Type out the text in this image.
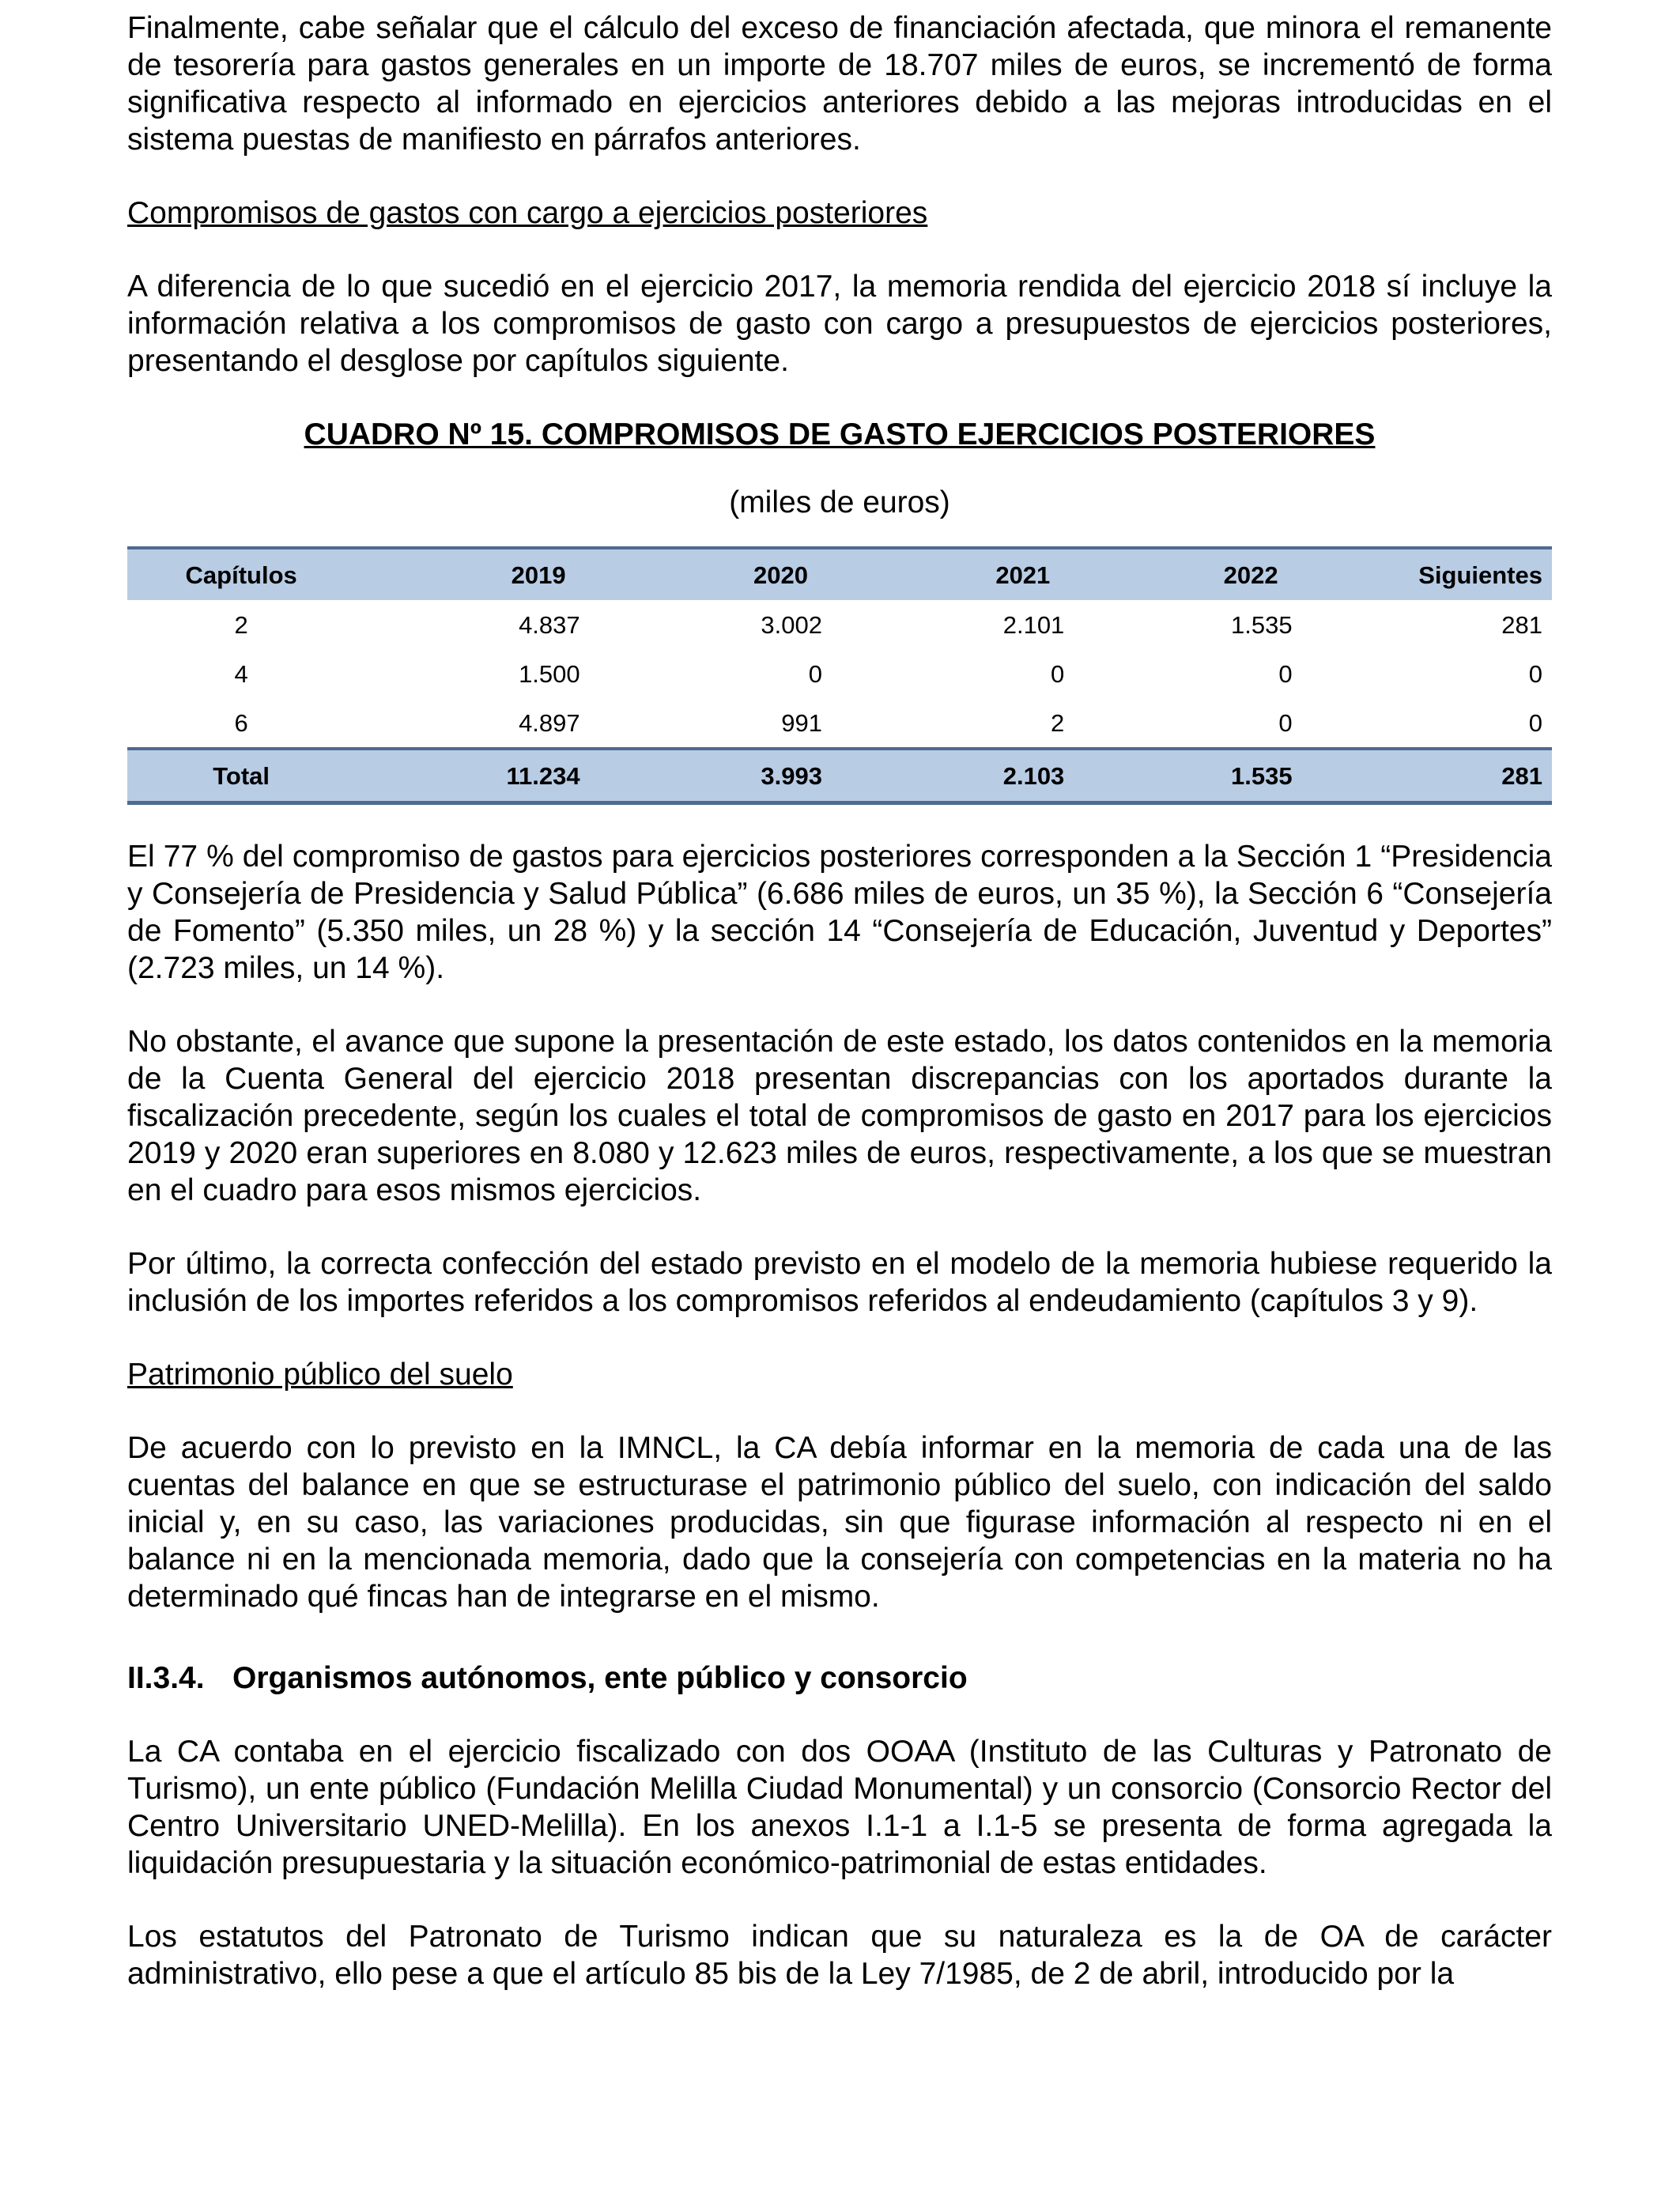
Finalmente, cabe señalar que el cálculo del exceso de financiación afectada, que minora el remanente de tesorería para gastos generales en un importe de 18.707 miles de euros, se incrementó de forma significativa respecto al informado en ejercicios anteriores debido a las mejoras introducidas en el sistema puestas de manifiesto en párrafos anteriores.

Compromisos de gastos con cargo a ejercicios posteriores

A diferencia de lo que sucedió en el ejercicio 2017, la memoria rendida del ejercicio 2018 sí incluye la información relativa a los compromisos de gasto con cargo a presupuestos de ejercicios posteriores, presentando el desglose por capítulos siguiente.

CUADRO Nº 15. COMPROMISOS DE GASTO EJERCICIOS POSTERIORES

(miles de euros)

Capítulos	2019	2020	2021	2022	Siguientes
2	4.837	3.002	2.101	1.535	281
4	1.500	0	0	0	0
6	4.897	991	2	0	0
Total	11.234	3.993	2.103	1.535	281

El 77 % del compromiso de gastos para ejercicios posteriores corresponden a la Sección 1 “Presidencia y Consejería de Presidencia y Salud Pública” (6.686 miles de euros, un 35 %), la Sección 6 “Consejería de Fomento” (5.350 miles, un 28 %) y la sección 14 “Consejería de Educación, Juventud y Deportes” (2.723 miles, un 14 %).

No obstante, el avance que supone la presentación de este estado, los datos contenidos en la memoria de la Cuenta General del ejercicio 2018 presentan discrepancias con los aportados durante la fiscalización precedente, según los cuales el total de compromisos de gasto en 2017 para los ejercicios 2019 y 2020 eran superiores en 8.080 y 12.623 miles de euros, respectivamente, a los que se muestran en el cuadro para esos mismos ejercicios.

Por último, la correcta confección del estado previsto en el modelo de la memoria hubiese requerido la inclusión de los importes referidos a los compromisos referidos al endeudamiento (capítulos 3 y 9).

Patrimonio público del suelo

De acuerdo con lo previsto en la IMNCL, la CA debía informar en la memoria de cada una de las cuentas del balance en que se estructurase el patrimonio público del suelo, con indicación del saldo inicial y, en su caso, las variaciones producidas, sin que figurase información al respecto ni en el balance ni en la mencionada memoria, dado que la consejería con competencias en la materia no ha determinado qué fincas han de integrarse en el mismo.

II.3.4. Organismos autónomos, ente público y consorcio

La CA contaba en el ejercicio fiscalizado con dos OOAA (Instituto de las Culturas y Patronato de Turismo), un ente público (Fundación Melilla Ciudad Monumental) y un consorcio (Consorcio Rector del Centro Universitario UNED-Melilla). En los anexos I.1-1 a I.1-5 se presenta de forma agregada la liquidación presupuestaria y la situación económico-patrimonial de estas entidades.

Los estatutos del Patronato de Turismo indican que su naturaleza es la de OA de carácter administrativo, ello pese a que el artículo 85 bis de la Ley 7/1985, de 2 de abril, introducido por la
